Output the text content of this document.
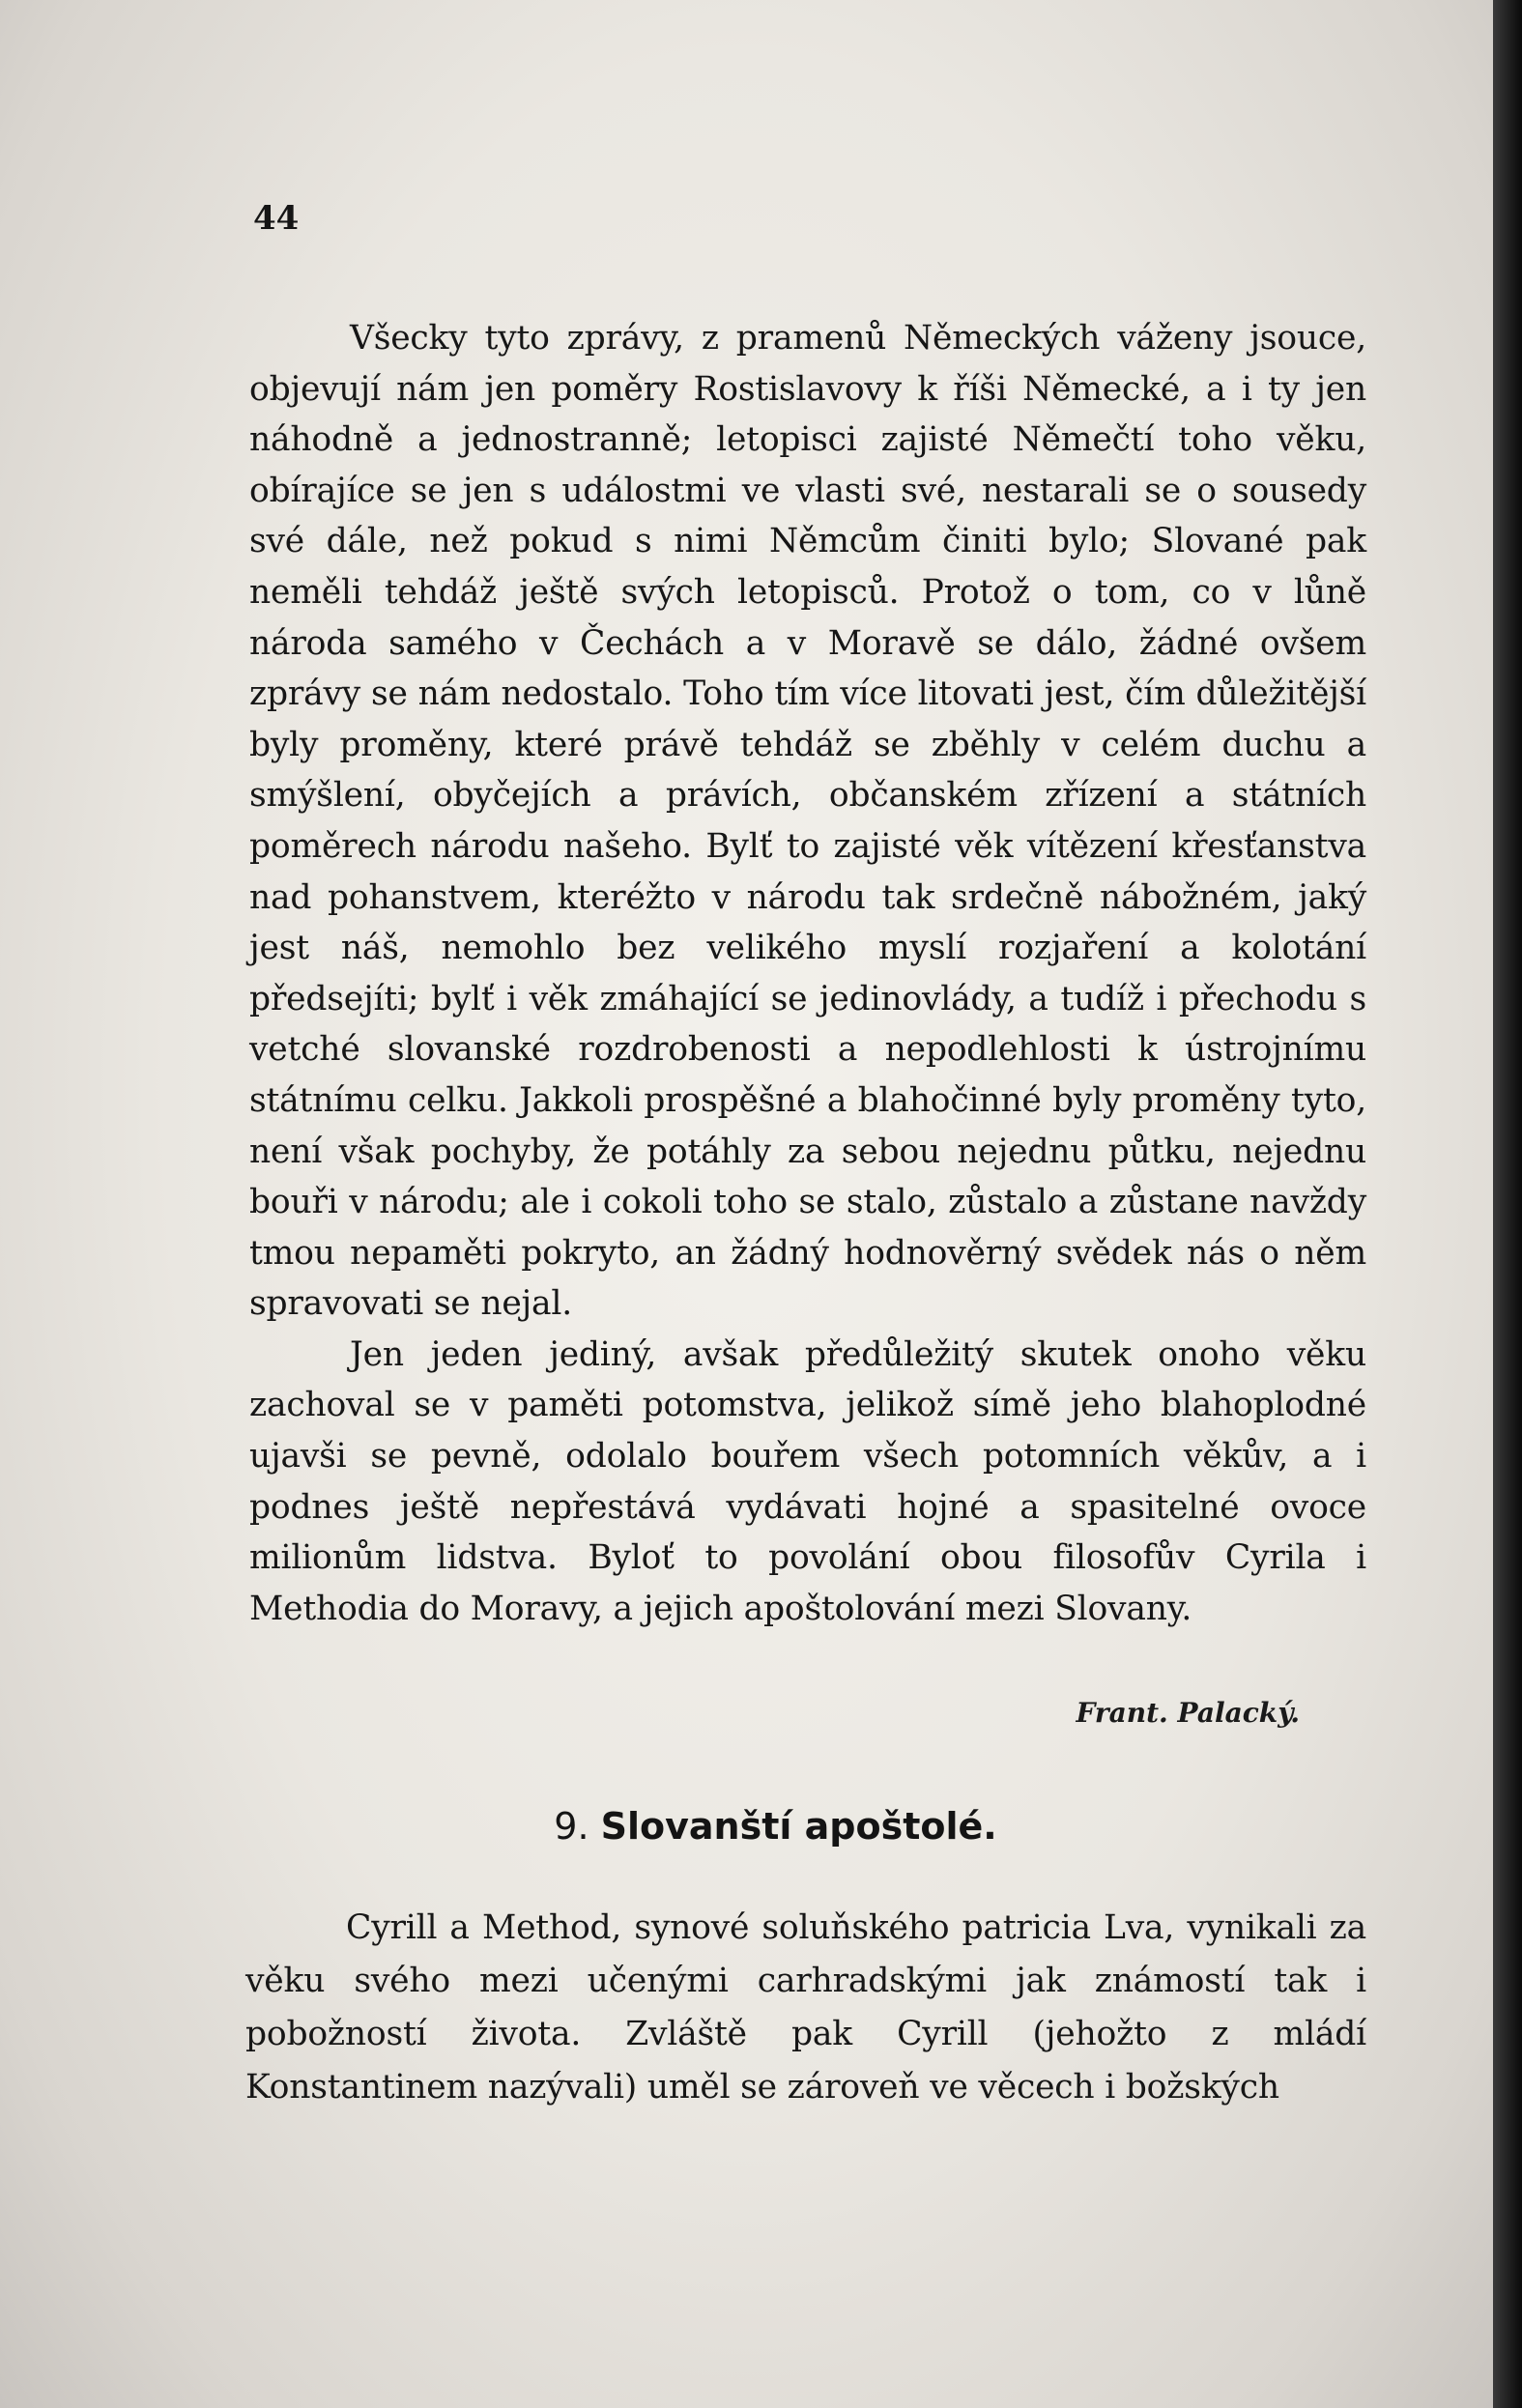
44

Všecky tyto zprávy, z pramenů Německých váženy jsouce, objevují nám jen poměry Rostislavovy k říši Německé, a i ty jen náhodně a jednostranně; letopisci zajisté Němečtí toho věku, obírajíce se jen s událostmi ve vlasti své, nestarali se o sousedy své dále, než pokud s nimi Němcům činiti bylo; Slované pak neměli tehdáž ještě svých letopisců. Protož o tom, co v lůně národa samého v Čechách a v Moravě se dálo, žádné ovšem zprávy se nám nedostalo. Toho tím více litovati jest, čím důležitější byly proměny, které právě tehdáž se zběhly v celém duchu a smýšlení, obyčejích a právích, občanském zřízení a státních poměrech národu našeho. Bylť to zajisté věk vítězení křesťanstva nad pohanstvem, kteréžto v národu tak srdečně nábožném, jaký jest náš, nemohlo bez velikého myslí rozjaření a kolotání předsejíti; bylť i věk zmáhající se jedinovlády, a tudíž i přechodu s vetché slovanské rozdrobenosti a nepodlehlosti k ústrojnímu státnímu celku. Jakkoli prospěšné a blahočinné byly proměny tyto, není však pochyby, že potáhly za sebou nejednu půtku, nejednu bouři v národu; ale i cokoli toho se stalo, zůstalo a zůstane navždy tmou nepaměti pokryto, an žádný hodnověrný svědek nás o něm spravovati se nejal.

Jen jeden jediný, avšak předůležitý skutek onoho věku zachoval se v paměti potomstva, jelikož símě jeho blahoplodné ujavši se pevně, odolalo bouřem všech potomních věkův, a i podnes ještě nepřestává vydávati hojné a spasitelné ovoce milionům lidstva. Byloť to povolání obou filosofův Cyrila i Methodia do Moravy, a jejich apoštolování mezi Slovany.

Frant. Palacký.
9. Slovanští apoštolé.

Cyrill a Method, synové soluňského patricia Lva, vynikali za věku svého mezi učenými carhradskými jak známostí tak i pobožností života. Zvláště pak Cyrill (jehožto z mládí Konstantinem nazývali) uměl se zároveň ve věcech i božských
